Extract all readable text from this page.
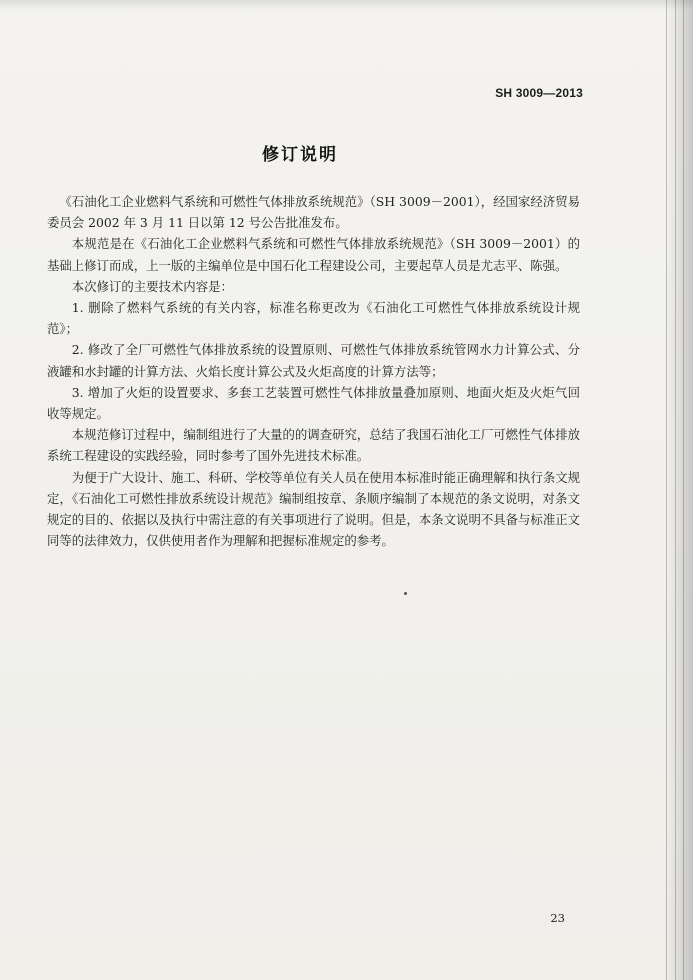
SH 3009—2013
修订说明

《石油化工企业燃料气系统和可燃性气体排放系统规范》（SH 3009－2001），经国家经济贸易委员会 2002 年 3 月 11 日以第 12 号公告批准发布。

本规范是在《石油化工企业燃料气系统和可燃性气体排放系统规范》（SH 3009－2001）的基础上修订而成，上一版的主编单位是中国石化工程建设公司，主要起草人员是尤志平、陈强。

本次修订的主要技术内容是：

1. 删除了燃料气系统的有关内容，标准名称更改为《石油化工可燃性气体排放系统设计规范》；

2. 修改了全厂可燃性气体排放系统的设置原则、可燃性气体排放系统管网水力计算公式、分液罐和水封罐的计算方法、火焰长度计算公式及火炬高度的计算方法等；

3. 增加了火炬的设置要求、多套工艺装置可燃性气体排放量叠加原则、地面火炬及火炬气回收等规定。

本规范修订过程中，编制组进行了大量的的调查研究，总结了我国石油化工厂可燃性气体排放系统工程建设的实践经验，同时参考了国外先进技术标准。

为便于广大设计、施工、科研、学校等单位有关人员在使用本标准时能正确理解和执行条文规定，《石油化工可燃性排放系统设计规范》编制组按章、条顺序编制了本规范的条文说明，对条文规定的目的、依据以及执行中需注意的有关事项进行了说明。但是，本条文说明不具备与标准正文同等的法律效力，仅供使用者作为理解和把握标准规定的参考。

23
